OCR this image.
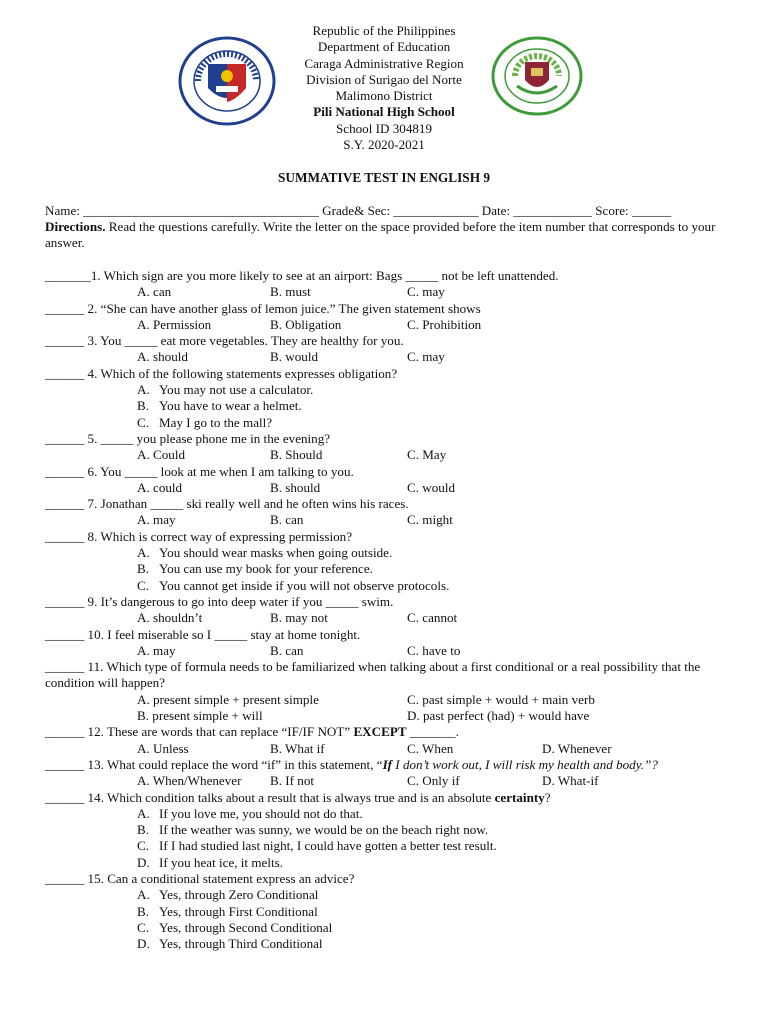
Republic of the Philippines
Department of Education
Caraga Administrative Region
Division of Surigao del Norte
Malimono District
Pili National High School
School ID 304819
S.Y. 2020-2021
SUMMATIVE TEST IN ENGLISH 9
Name: ____________________________________ Grade& Sec: _____________ Date: ____________ Score: ______
Directions. Read the questions carefully. Write the letter on the space provided before the item number that corresponds to your answer.
_______1. Which sign are you more likely to see at an airport: Bags _____ not be left unattended.
A. can	B. must	C. may
______ 2. “She can have another glass of lemon juice.” The given statement shows
A. Permission	B. Obligation	C. Prohibition
______ 3. You _____ eat more vegetables. They are healthy for you.
A. should	B. would	C. may
______ 4. Which of the following statements expresses obligation?
A. You may not use a calculator.
B. You have to wear a helmet.
C. May I go to the mall?
______ 5. _____ you please phone me in the evening?
A. Could	B. Should	C. May
______ 6. You _____ look at me when I am talking to you.
A. could	B. should	C. would
______ 7. Jonathan _____ ski really well and he often wins his races.
A. may	B. can	C. might
______ 8. Which is correct way of expressing permission?
A. You should wear masks when going outside.
B. You can use my book for your reference.
C. You cannot get inside if you will not observe protocols.
______ 9. It’s dangerous to go into deep water if you _____ swim.
A. shouldn’t	B. may not	C. cannot
______ 10. I feel miserable so I _____ stay at home tonight.
A. may	B. can	C. have to
______ 11. Which type of formula needs to be familiarized when talking about a first conditional or a real possibility that the condition will happen?
A. present simple + present simple	C. past simple + would + main verb
B. present simple + will	D. past perfect (had) + would have
______ 12. These are words that can replace “IF/IF NOT” EXCEPT _______.
A. Unless	B. What if	C. When	D. Whenever
______ 13. What could replace the word “if” in this statement, “If I don’t work out, I will risk my health and body.”?
A. When/Whenever B. If not	C. Only if	D. What-if
______ 14. Which condition talks about a result that is always true and is an absolute certainty?
A. If you love me, you should not do that.
B. If the weather was sunny, we would be on the beach right now.
C. If I had studied last night, I could have gotten a better test result.
D. If you heat ice, it melts.
______ 15. Can a conditional statement express an advice?
A. Yes, through Zero Conditional
B. Yes, through First Conditional
C. Yes, through Second Conditional
D. Yes, through Third Conditional
